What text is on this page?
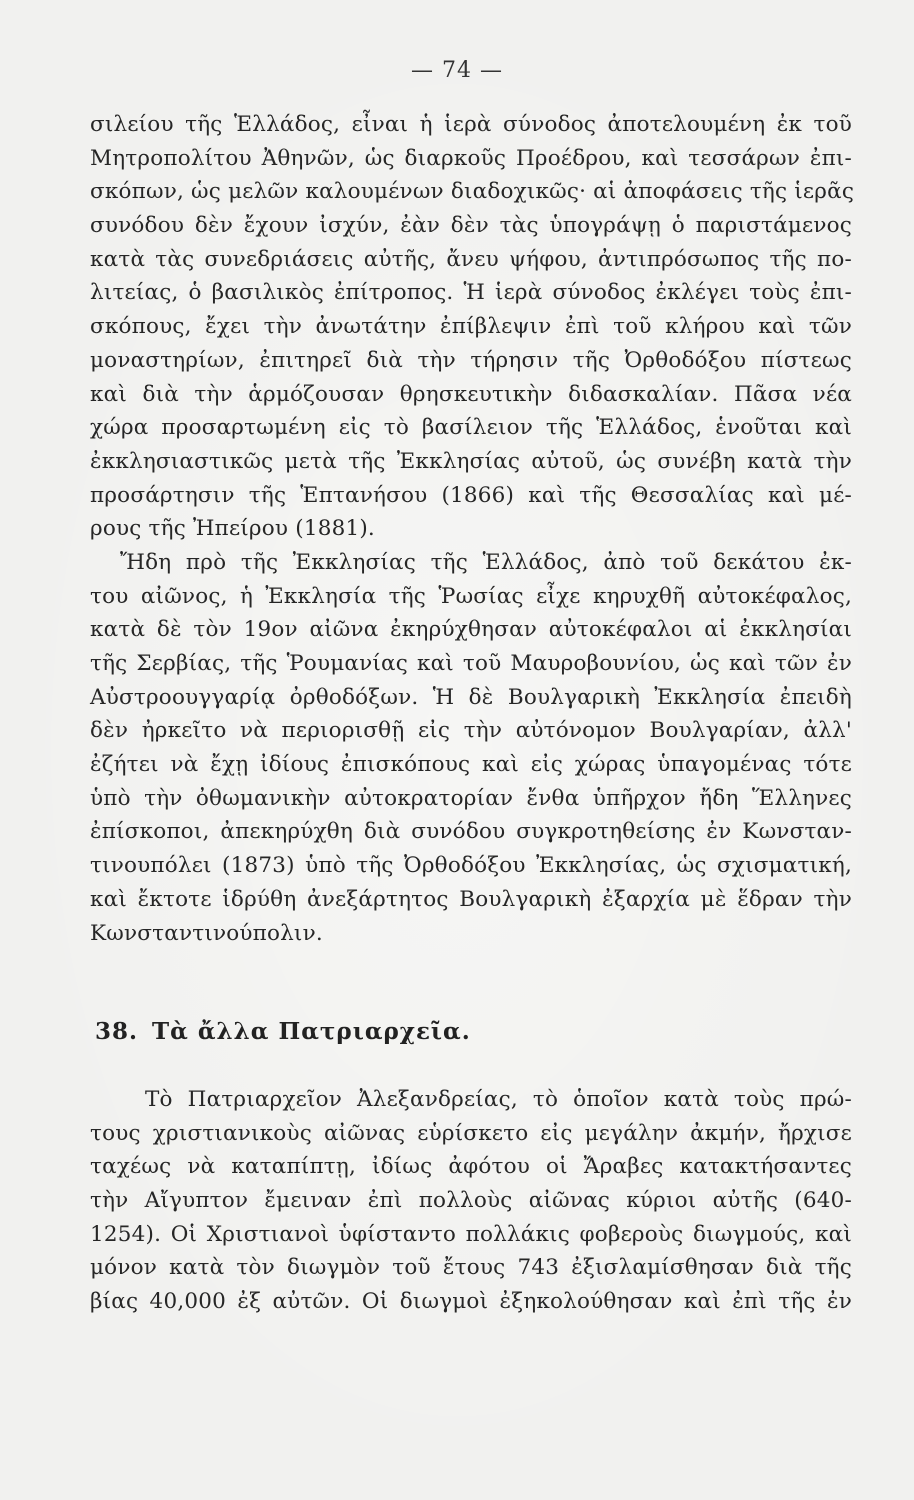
— 74 —
σιλείου τῆς Ἑλλάδος, εἶναι ἡ ἱερὰ σύνοδος ἀποτελουμένη ἐκ τοῦ
Μητροπολίτου Ἀθηνῶν, ὡς διαρκοῦς Προέδρου, καὶ τεσσάρων ἐπι-
σκόπων, ὡς μελῶν καλουμένων διαδοχικῶς· αἱ ἀποφάσεις τῆς ἱερᾶς
συνόδου δὲν ἔχουν ἰσχύν, ἐὰν δὲν τὰς ὑπογράψῃ ὁ παριστάμενος
κατὰ τὰς συνεδριάσεις αὐτῆς, ἄνευ ψήφου, ἀντιπρόσωπος τῆς πο-
λιτείας, ὁ βασιλικὸς ἐπίτροπος. Ἡ ἱερὰ σύνοδος ἐκλέγει τοὺς ἐπι-
σκόπους, ἔχει τὴν ἀνωτάτην ἐπίβλεψιν ἐπὶ τοῦ κλήρου καὶ τῶν
μοναστηρίων, ἐπιτηρεῖ διὰ τὴν τήρησιν τῆς Ὀρθοδόξου πίστεως
καὶ διὰ τὴν ἁρμόζουσαν θρησκευτικὴν διδασκαλίαν. Πᾶσα νέα
χώρα προσαρτωμένη εἰς τὸ βασίλειον τῆς Ἑλλάδος, ἑνοῦται καὶ
ἐκκλησιαστικῶς μετὰ τῆς Ἐκκλησίας αὐτοῦ, ὡς συνέβη κατὰ τὴν
προσάρτησιν τῆς Ἑπτανήσου (1866) καὶ τῆς Θεσσαλίας καὶ μέ-
ρους τῆς Ἠπείρου (1881).
Ἤδη πρὸ τῆς Ἐκκλησίας τῆς Ἑλλάδος, ἀπὸ τοῦ δεκάτου ἐκ-
του αἰῶνος, ἡ Ἐκκλησία τῆς Ῥωσίας εἶχε κηρυχθῆ αὐτοκέφαλος,
κατὰ δὲ τὸν 19ον αἰῶνα ἐκηρύχθησαν αὐτοκέφαλοι αἱ ἐκκλησίαι
τῆς Σερβίας, τῆς Ῥουμανίας καὶ τοῦ Μαυροβουνίου, ὡς καὶ τῶν ἐν
Αὐστροουγγαρίᾳ ὀρθοδόξων. Ἡ δὲ Βουλγαρικὴ Ἐκκλησία ἐπειδὴ
δὲν ἠρκεῖτο νὰ περιορισθῇ εἰς τὴν αὐτόνομον Βουλγαρίαν, ἀλλ'
ἐζήτει νὰ ἔχῃ ἰδίους ἐπισκόπους καὶ εἰς χώρας ὑπαγομένας τότε
ὑπὸ τὴν ὀθωμανικὴν αὐτοκρατορίαν ἔνθα ὑπῆρχον ἤδη Ἕλληνες
ἐπίσκοποι, ἀπεκηρύχθη διὰ συνόδου συγκροτηθείσης ἐν Κωνσταν-
τινουπόλει (1873) ὑπὸ τῆς Ὀρθοδόξου Ἐκκλησίας, ὡς σχισματική,
καὶ ἔκτοτε ἱδρύθη ἀνεξάρτητος Βουλγαρικὴ ἐξαρχία μὲ ἕδραν τὴν
Κωνσταντινούπολιν.
38. Τὰ ἄλλα Πατριαρχεῖα.
Τὸ Πατριαρχεῖον Ἀλεξανδρείας, τὸ ὁποῖον κατὰ τοὺς πρώ-
τους χριστιανικοὺς αἰῶνας εὑρίσκετο εἰς μεγάλην ἀκμήν, ἤρχισε
ταχέως νὰ καταπίπτῃ, ἰδίως ἀφότου οἱ Ἄραβες κατακτήσαντες
τὴν Αἴγυπτον ἔμειναν ἐπὶ πολλοὺς αἰῶνας κύριοι αὐτῆς (640-
1254). Οἱ Χριστιανοὶ ὑφίσταντο πολλάκις φοβεροὺς διωγμούς, καὶ
μόνον κατὰ τὸν διωγμὸν τοῦ ἔτους 743 ἐξισλαμίσθησαν διὰ τῆς
βίας 40,000 ἐξ αὐτῶν. Οἱ διωγμοὶ ἐξηκολούθησαν καὶ ἐπὶ τῆς ἐν
